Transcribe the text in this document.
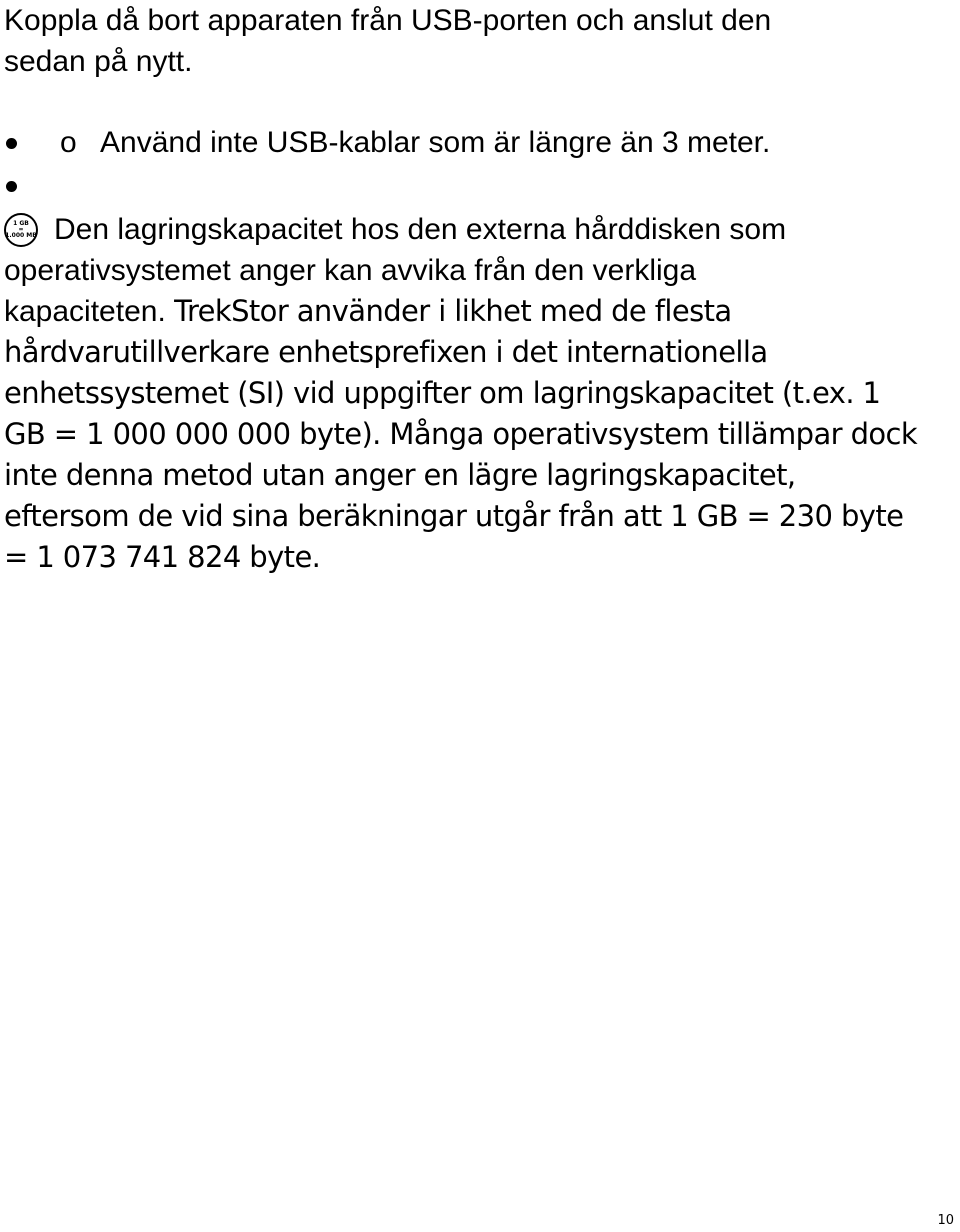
Koppla då bort apparaten från USB-porten och anslut den

sedan på nytt.

o Använd inte USB-kablar som är längre än 3 meter.
1 GB
=
1.000 MB Den lagringskapacitet hos den externa hårddisken som
operativsystemet anger kan avvika från den verkliga
kapaciteten. TrekStor använder i likhet med de flesta
hårdvarutillverkare enhetsprefixen i det internationella
enhetssystemet (SI) vid uppgifter om lagringskapacitet (t.ex. 1
GB = 1 000 000 000 byte). Många operativsystem tillämpar dock
inte denna metod utan anger en lägre lagringskapacitet,
eftersom de vid sina beräkningar utgår från att 1 GB = 230 byte
= 1 073 741 824 byte.
10
